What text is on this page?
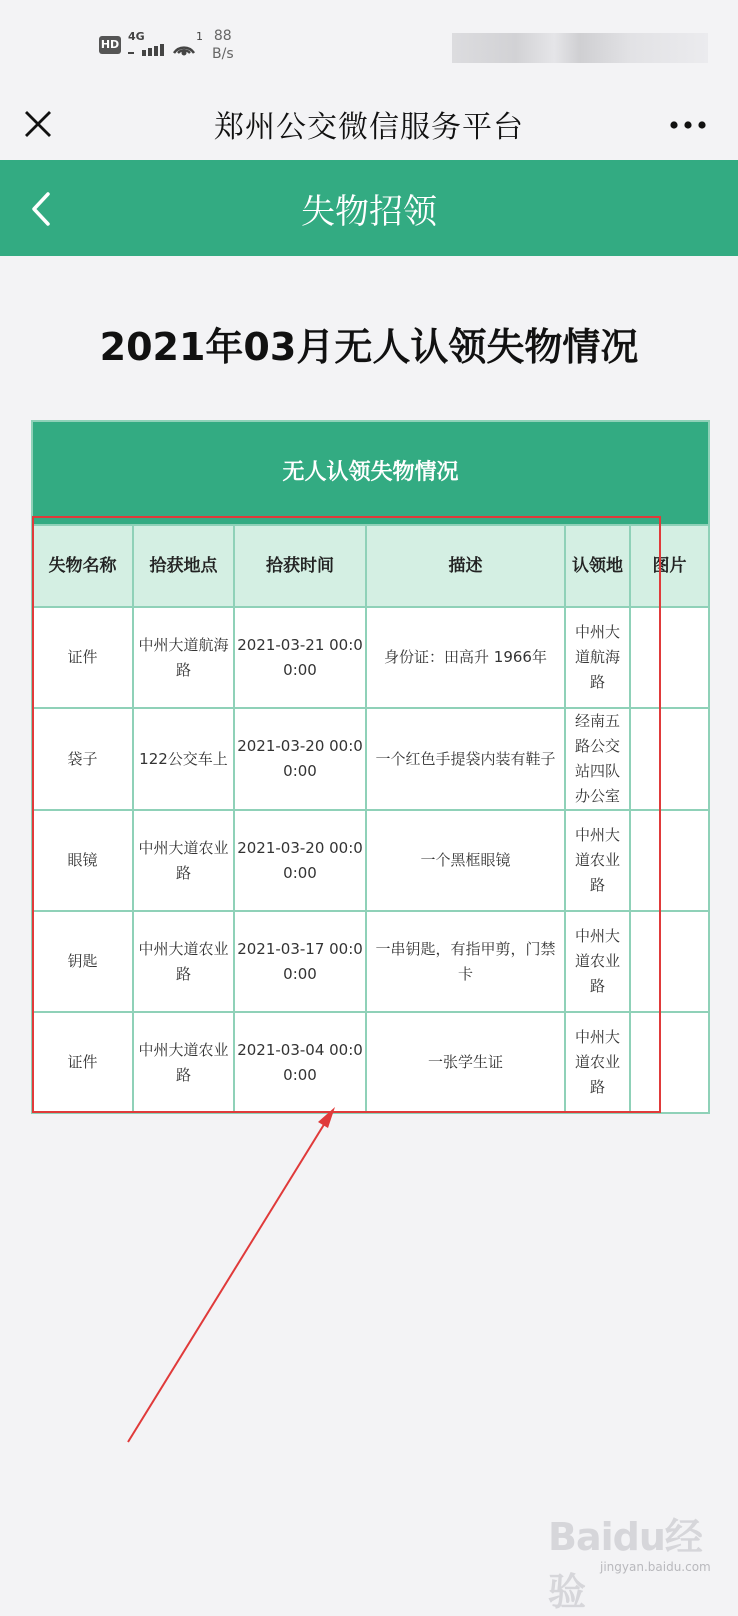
HD
4G	1 88
B/s
郑州公交微信服务平台
失物招领
2021年03月无人认领失物情况
无人认领失物情况
失物名称	拾获地点	拾获时间	描述	认领地	图片
证件	中州大道航海路	2021-03-21 00:00:00	身份证：田高升 1966年	中州大道航海路	
袋子	122公交车上	2021-03-20 00:00:00	一个红色手提袋内装有鞋子	经南五路公交站四队办公室	
眼镜	中州大道农业路	2021-03-20 00:00:00	一个黑框眼镜	中州大道农业路	
钥匙	中州大道农业路	2021-03-17 00:00:00	一串钥匙，有指甲剪，门禁卡	中州大道农业路	
证件	中州大道农业路	2021-03-04 00:00:00	一张学生证	中州大道农业路	
Baidu经验
jingyan.baidu.com
